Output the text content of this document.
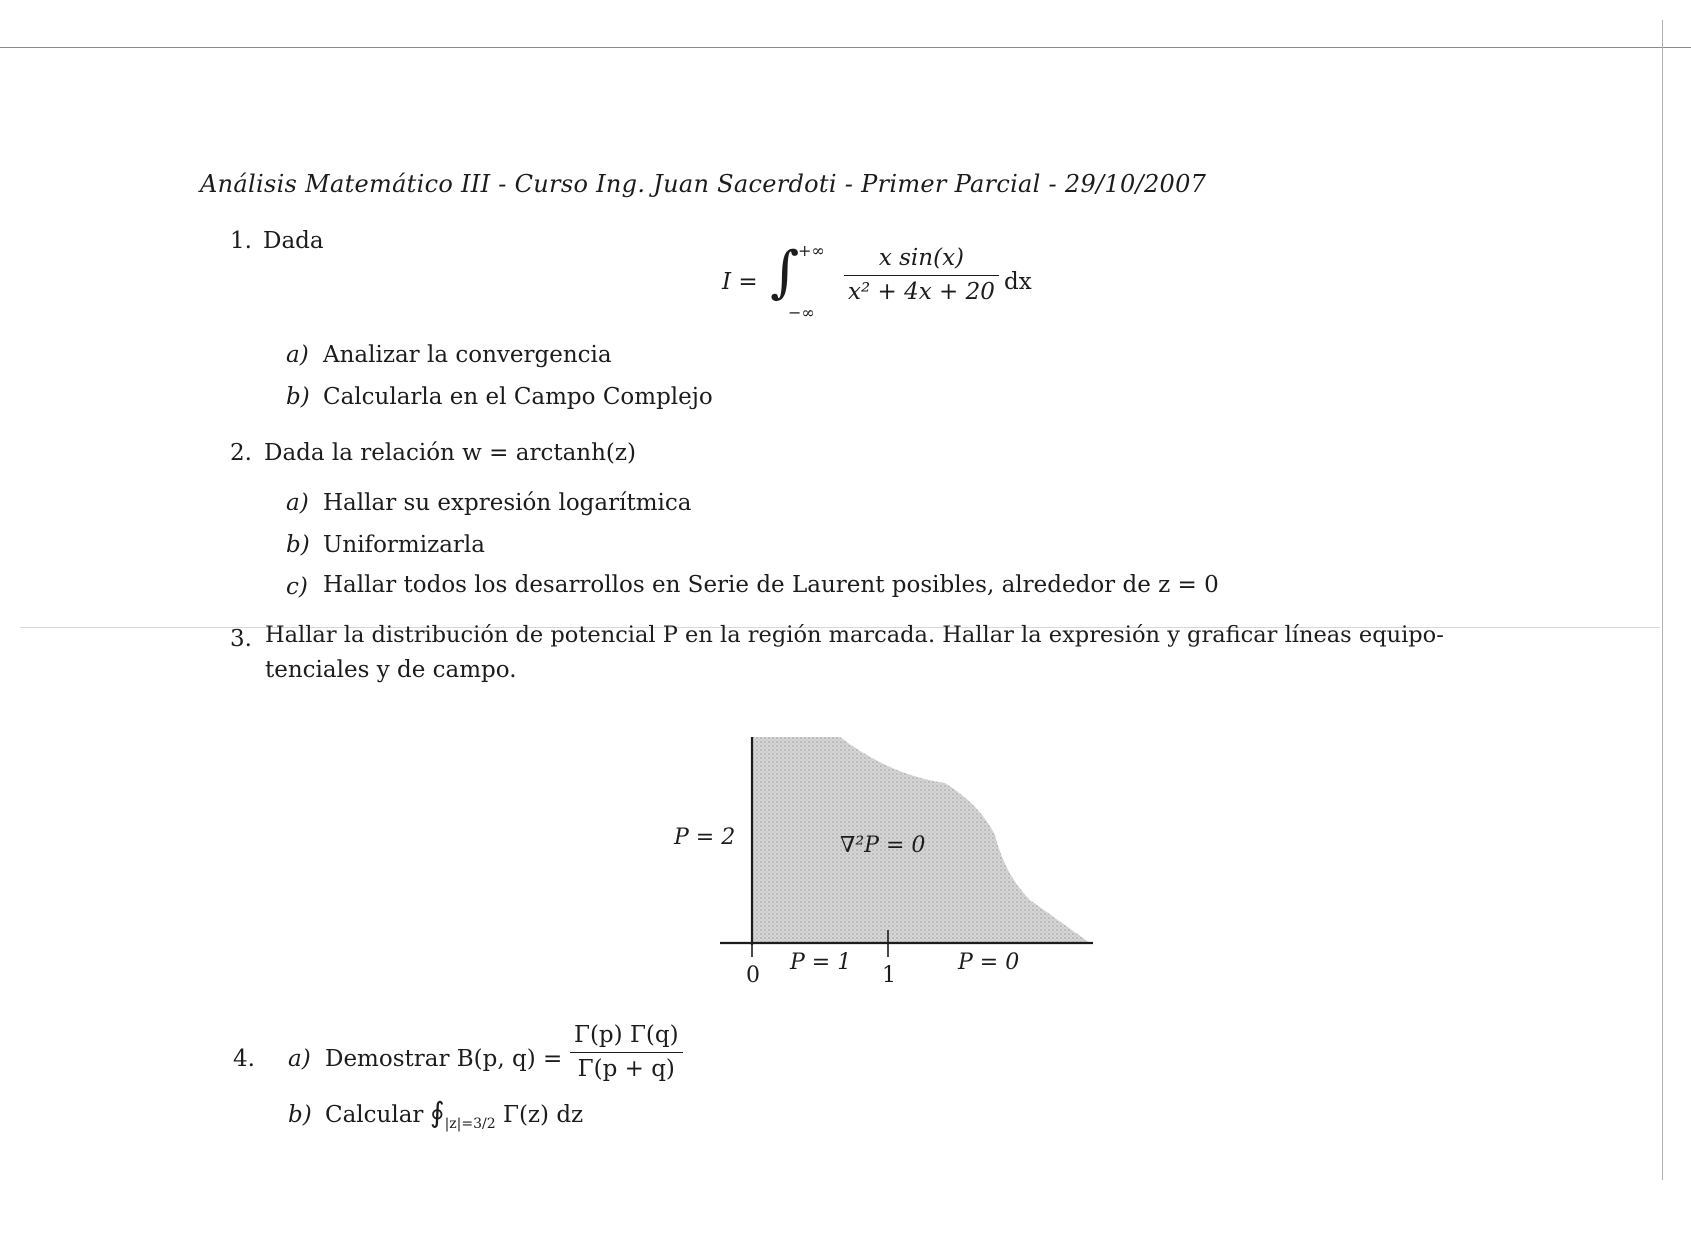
Análisis Matemático III - Curso Ing. Juan Sacerdoti - Primer Parcial - 29/10/2007
1. Dada
I = ∫
+∞
−∞
$\frac{\text{x sin(x)}}{\text{x² + 4x + 20}}$ dx
a) Analizar la convergencia
b) Calcularla en el Campo Complejo
2. Dada la relación w = arctanh(z)
a) Hallar su expresión logarítmica
b) Uniformizarla
c) Hallar todos los desarrollos en Serie de Laurent posibles, alrededor de z = 0
3. Hallar la distribución de potencial P en la región marcada. Hallar la expresión y graficar líneas equipo-
tenciales y de campo.
P = 2	∇²P = 0
P = 1	P = 0
0	1
4. a) Demostrar B(p, $q) = \frac{\Gamma(p) \Gamma(q)}{\Gamma(p + q)}$
b) Calcular $∮_{|z|=3/2}$ Γ(z) dz
